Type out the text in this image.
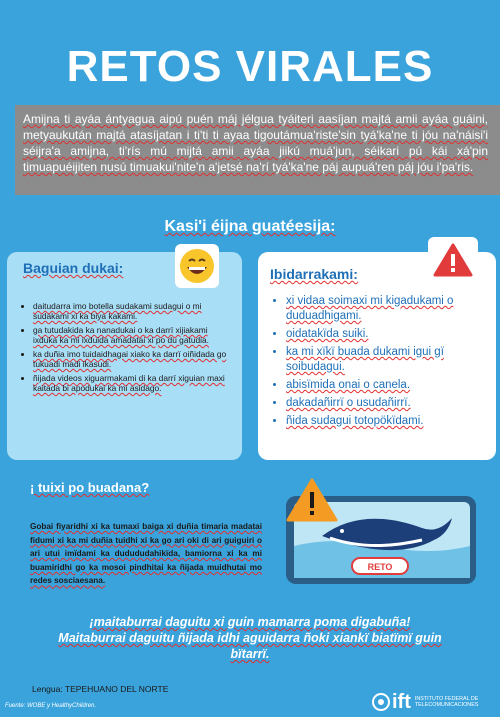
RETOS VIRALES
Amijna ti ayáa ántyagua aipú puén máj jélgua tyáiteri aasíjan majtá amii ayáa guáini, metyaukután majtá atasíjatan i ti'ti ti ayaa tigoutámua'riste'sin tyá'ka'ne ti jóu na'náisi'i séijra'a amijna, ti'rís mú mijtá amii ayáa jiikú muá'jun, séikari pú kái xá'pin timuapuéijiten nusú timuakui'nite'n a'jetsé na'rí tyá'ka'ne páj aupuá'ren páj jóu i'pa'ris.
Kasi'i éijna guatéesija:
Baguian dukai:
• daitudarra imo botella sudakami sudagui o mi sudakami xi ka biya kakami.
• ga tutudakida ka nanadukai o ka darrï xijiakami ixduka ka mi ixduida amadatai xi po du gatudia.
• ka duñia imo tuidaidhagai xiako ka darrï oiñidada go tukuadi madi ikasudi.
• ñijada videos xiguarmakami di ka darrï xiguian maxi kaitada bi apodukai ka mi asidago.
Ibidarrakami:
• xi vidaa soimaxi mi kigadukami o duduadhigami.
• oidatakïda suiki.
• ka mi xïkï buada dukami igui gï soibudagui.
• abisïmida onai o canela.
• dakadañirrï o usudañirrï.
• ñida sudagui totopökïdami.
¡ tuixi po buadana?
Gobai fiyaridhi xi ka tumaxi baiga xi duñia timaria madatai fidumi xi ka mi duñia tuidhi xi ka go ari oki di ari guiguiri o ari utui imïdami ka dudududahikïda, bamiorna xi ka mi buamiridhi go ka mosoi pindhitai ka ñijada muidhutai mo redes sosciaesana.
RETO
¡maitaburrai daguitu xi guin mamarra poma digabuña!
Maitaburrai daguitu ñijada idhi aguidarra ñoki xiankï biatïmï guin bïtarrï.
Lengua: TEPEHUANO DEL NORTE
Fuente: WOBE y HealthyChildren.	ift INSTITUTO FEDERAL DE TELECOMUNICACIONES
